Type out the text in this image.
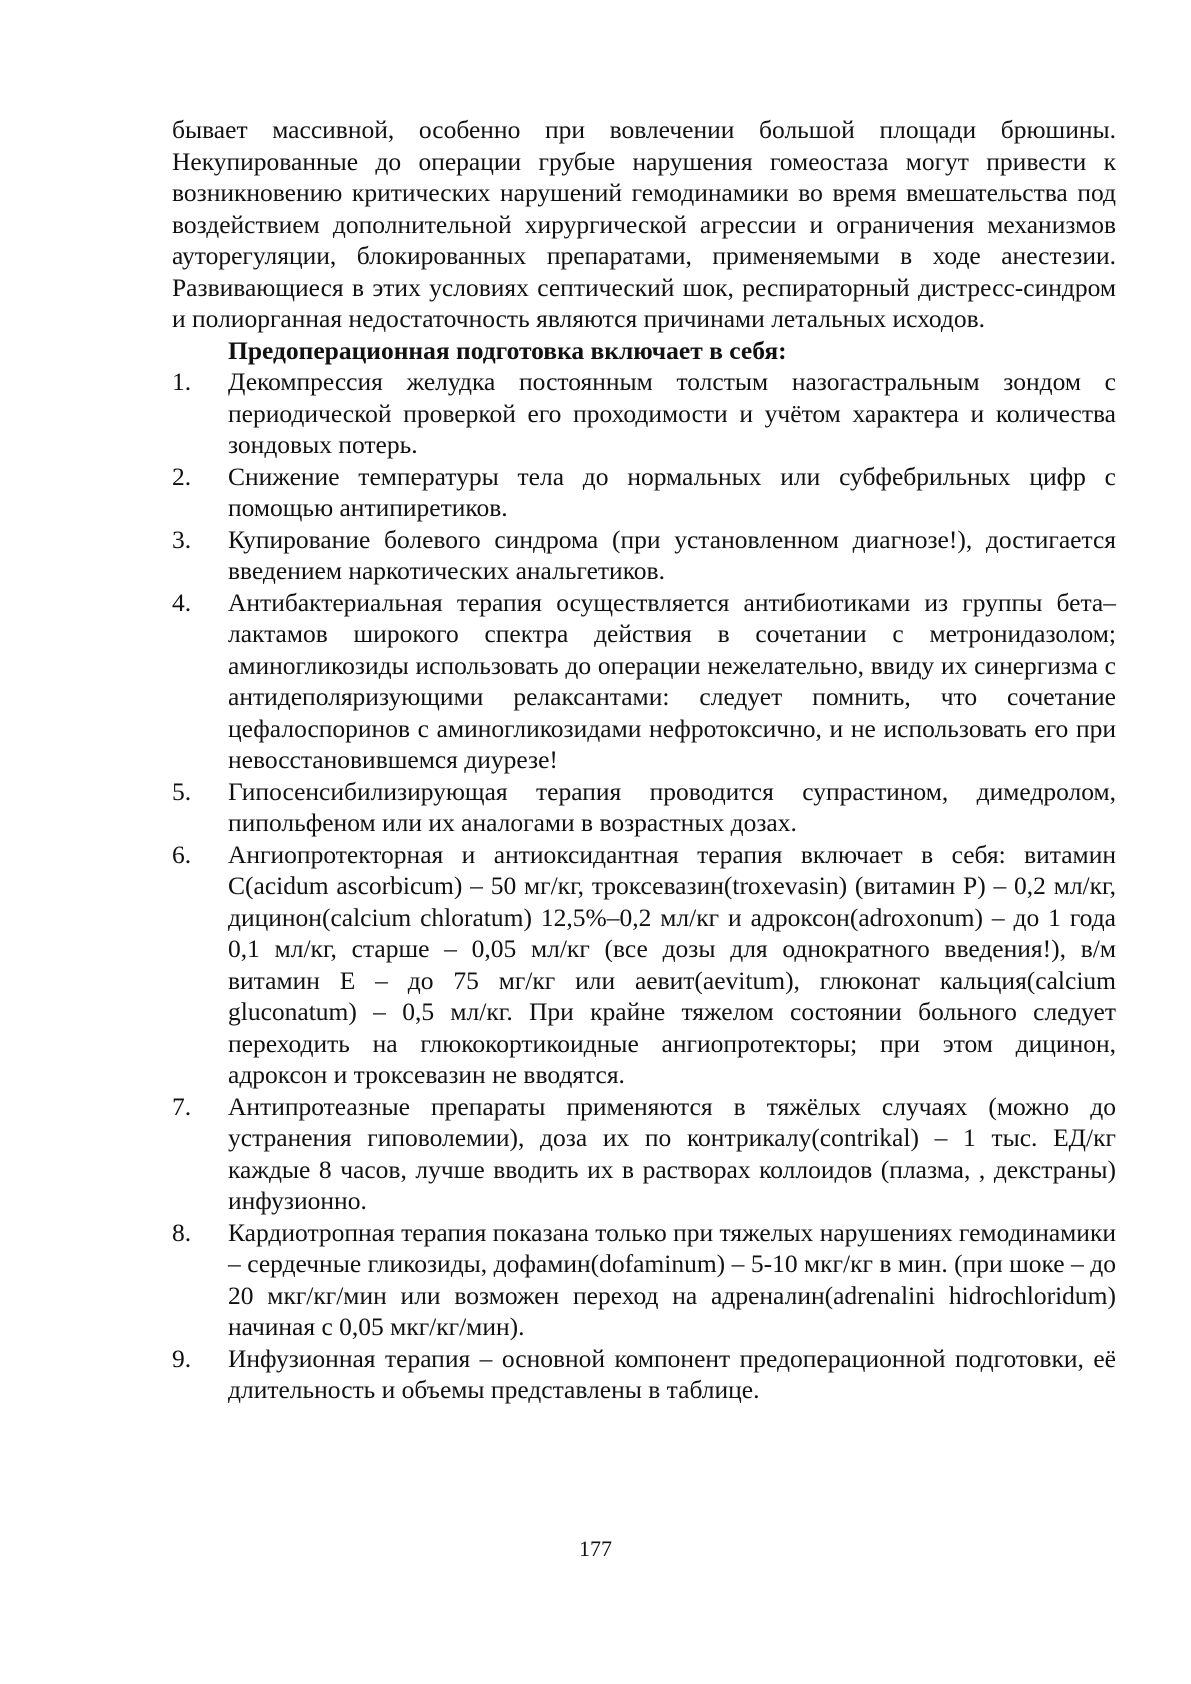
бывает массивной, особенно при вовлечении большой площади брюшины. Некупированные до операции грубые нарушения гомеостаза могут привести к возникновению критических нарушений гемодинамики во время вмешательства под воздействием дополнительной хирургической агрессии и ограничения механизмов ауторегуляции, блокированных препаратами, применяемыми в ходе анестезии. Развивающиеся в этих условиях септический шок, респираторный дистресс-синдром и полиорганная недостаточность являются причинами летальных исходов.

Предоперационная подготовка включает в себя:

1.	Декомпрессия желудка постоянным толстым назогастральным зондом с периодической проверкой его проходимости и учётом характера и количества зондовых потерь.
2.	Снижение температуры тела до нормальных или субфебрильных цифр с помощью антипиретиков.
3.	Купирование болевого синдрома (при установленном диагнозе!), достигается введением наркотических анальгетиков.
4.	Антибактериальная терапия осуществляется антибиотиками из группы бета–лактамов широкого спектра действия в сочетании с метронидазолом; аминогликозиды использовать до операции нежелательно, ввиду их синергизма с антидеполяризующими релаксантами: следует помнить, что сочетание цефалоспоринов с аминогликозидами нефротоксично, и не использовать его при невосстановившемся диурезе!
5.	Гипосенсибилизирующая терапия проводится супрастином, димедролом, пипольфеном или их аналогами в возрастных дозах.
6.	Ангиопротекторная и антиоксидантная терапия включает в себя: витамин C(acidum ascorbicum) – 50 мг/кг, троксевазин(troxevasin) (витамин P) – 0,2 мл/кг, дицинон(calcium chloratum) 12,5%–0,2 мл/кг и адроксон(adroxonum) – до 1 года 0,1 мл/кг, старше – 0,05 мл/кг (все дозы для однократного введения!), в/м витамин E – до 75 мг/кг или аевит(aevitum), глюконат кальция(calcium gluconatum) – 0,5 мл/кг. При крайне тяжелом состоянии больного следует переходить на глюкокортикоидные ангиопротекторы; при этом дицинон, адроксон и троксевазин не вводятся.
7.	Антипротеазные препараты применяются в тяжёлых случаях (можно до устранения гиповолемии), доза их по контрикалу(contrikal) – 1 тыс. ЕД/кг каждые 8 часов, лучше вводить их в растворах коллоидов (плазма, , декстраны) инфузионно.
8.	Кардиотропная терапия показана только при тяжелых нарушениях гемодинамики – сердечные гликозиды, дофамин(dofaminum) – 5-10 мкг/кг в мин. (при шоке – до 20 мкг/кг/мин или возможен переход на адреналин(adrenalini hidrochloridum) начиная с 0,05 мкг/кг/мин).
9.	Инфузионная терапия – основной компонент предоперационной подготовки, её длительность и объемы представлены в таблице.
177
